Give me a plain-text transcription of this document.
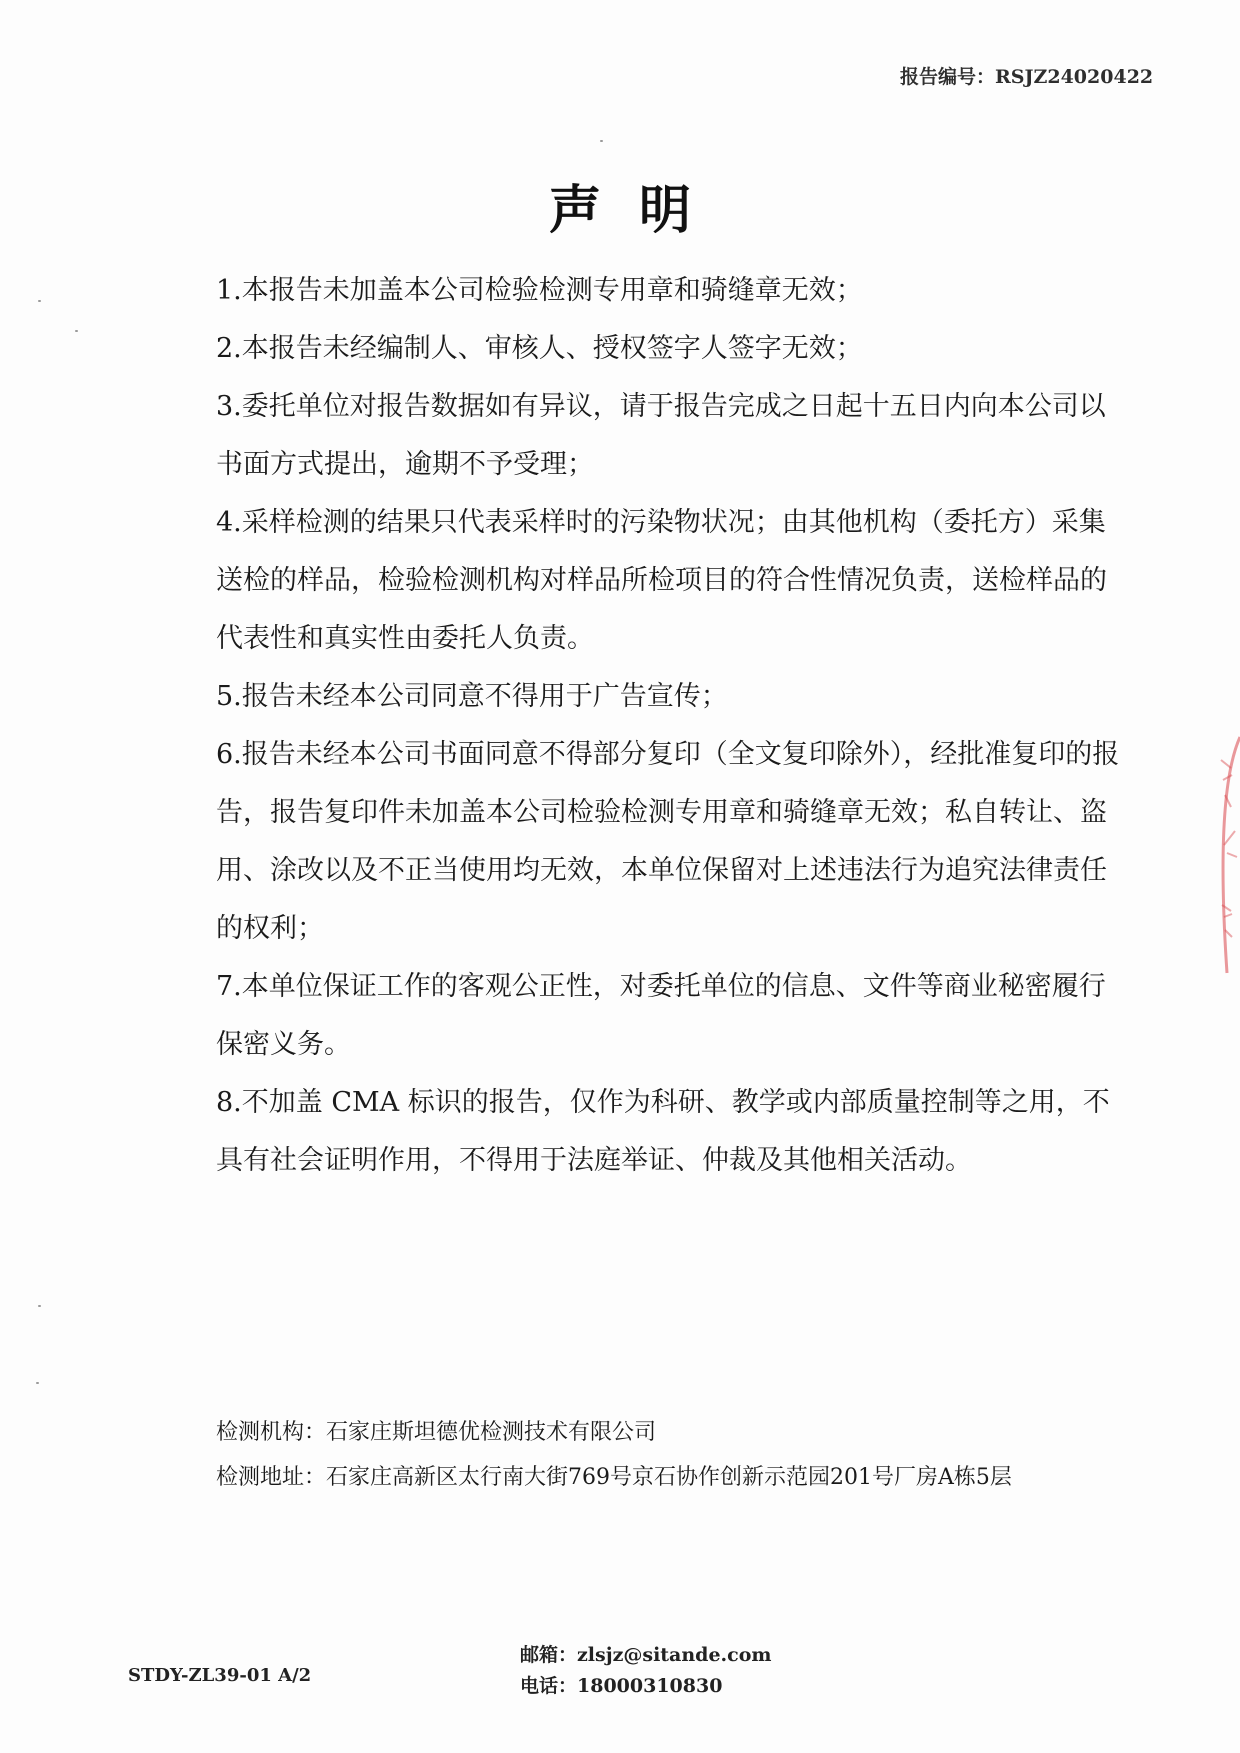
报告编号：RSJZ24020422
声明

1.本报告未加盖本公司检验检测专用章和骑缝章无效；

2.本报告未经编制人、审核人、授权签字人签字无效；

3.委托单位对报告数据如有异议，请于报告完成之日起十五日内向本公司以书面方式提出，逾期不予受理；

4.采样检测的结果只代表采样时的污染物状况；由其他机构（委托方）采集送检的样品，检验检测机构对样品所检项目的符合性情况负责，送检样品的代表性和真实性由委托人负责。

5.报告未经本公司同意不得用于广告宣传；

6.报告未经本公司书面同意不得部分复印（全文复印除外），经批准复印的报告，报告复印件未加盖本公司检验检测专用章和骑缝章无效；私自转让、盗用、涂改以及不正当使用均无效，本单位保留对上述违法行为追究法律责任的权利；

7.本单位保证工作的客观公正性，对委托单位的信息、文件等商业秘密履行保密义务。

8.不加盖 CMA 标识的报告，仅作为科研、教学或内部质量控制等之用，不具有社会证明作用，不得用于法庭举证、仲裁及其他相关活动。

检测机构：石家庄斯坦德优检测技术有限公司
检测地址：石家庄高新区太行南大街769号京石协作创新示范园201号厂房A栋5层
邮箱：zlsjz@sitande.com
电话：18000310830
STDY-ZL39-01 A/2
